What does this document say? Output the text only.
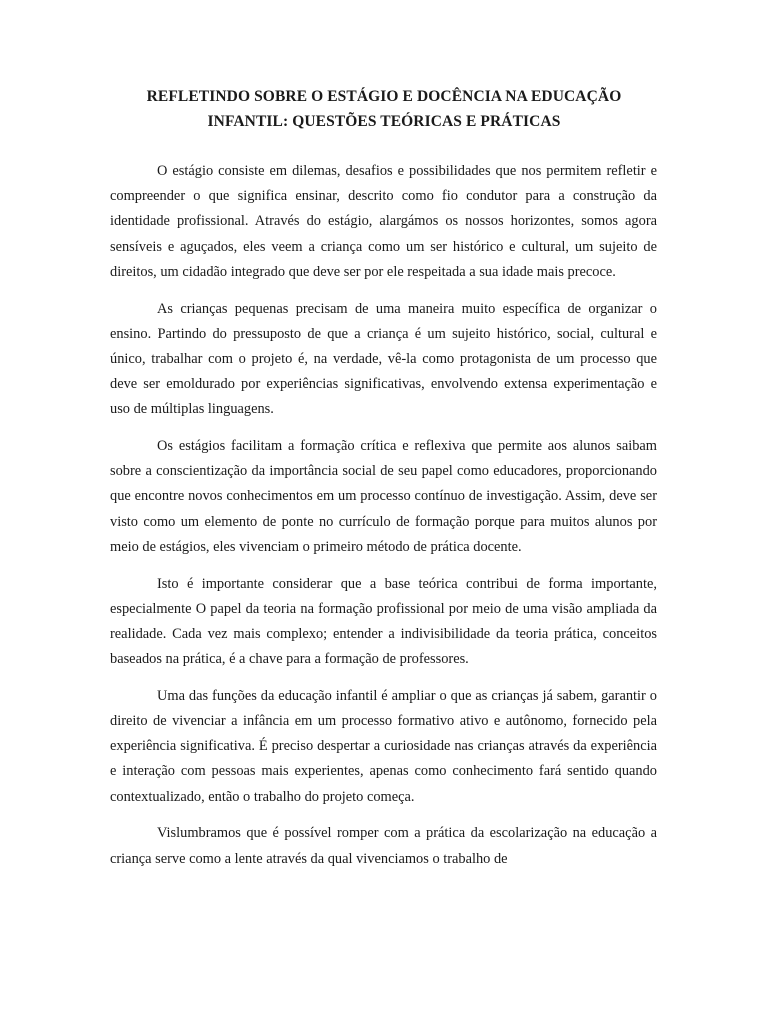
REFLETINDO SOBRE O ESTÁGIO E DOCÊNCIA NA EDUCAÇÃO
INFANTIL: QUESTÕES TEÓRICAS E PRÁTICAS

O estágio consiste em dilemas, desafios e possibilidades que nos permitem refletir e compreender o que significa ensinar, descrito como fio condutor para a construção da identidade profissional. Através do estágio, alargámos os nossos horizontes, somos agora sensíveis e aguçados, eles veem a criança como um ser histórico e cultural, um sujeito de direitos, um cidadão integrado que deve ser por ele respeitada a sua idade mais precoce.

As crianças pequenas precisam de uma maneira muito específica de organizar o ensino. Partindo do pressuposto de que a criança é um sujeito histórico, social, cultural e único, trabalhar com o projeto é, na verdade, vê-la como protagonista de um processo que deve ser emoldurado por experiências significativas, envolvendo extensa experimentação e uso de múltiplas linguagens.

Os estágios facilitam a formação crítica e reflexiva que permite aos alunos saibam sobre a conscientização da importância social de seu papel como educadores, proporcionando que encontre novos conhecimentos em um processo contínuo de investigação. Assim, deve ser visto como um elemento de ponte no currículo de formação porque para muitos alunos por meio de estágios, eles vivenciam o primeiro método de prática docente.

Isto é importante considerar que a base teórica contribui de forma importante, especialmente O papel da teoria na formação profissional por meio de uma visão ampliada da realidade. Cada vez mais complexo; entender a indivisibilidade da teoria prática, conceitos baseados na prática, é a chave para a formação de professores.

Uma das funções da educação infantil é ampliar o que as crianças já sabem, garantir o direito de vivenciar a infância em um processo formativo ativo e autônomo, fornecido pela experiência significativa. É preciso despertar a curiosidade nas crianças através da experiência e interação com pessoas mais experientes, apenas como conhecimento fará sentido quando contextualizado, então o trabalho do projeto começa.

Vislumbramos que é possível romper com a prática da escolarização na educação a criança serve como a lente através da qual vivenciamos o trabalho de
